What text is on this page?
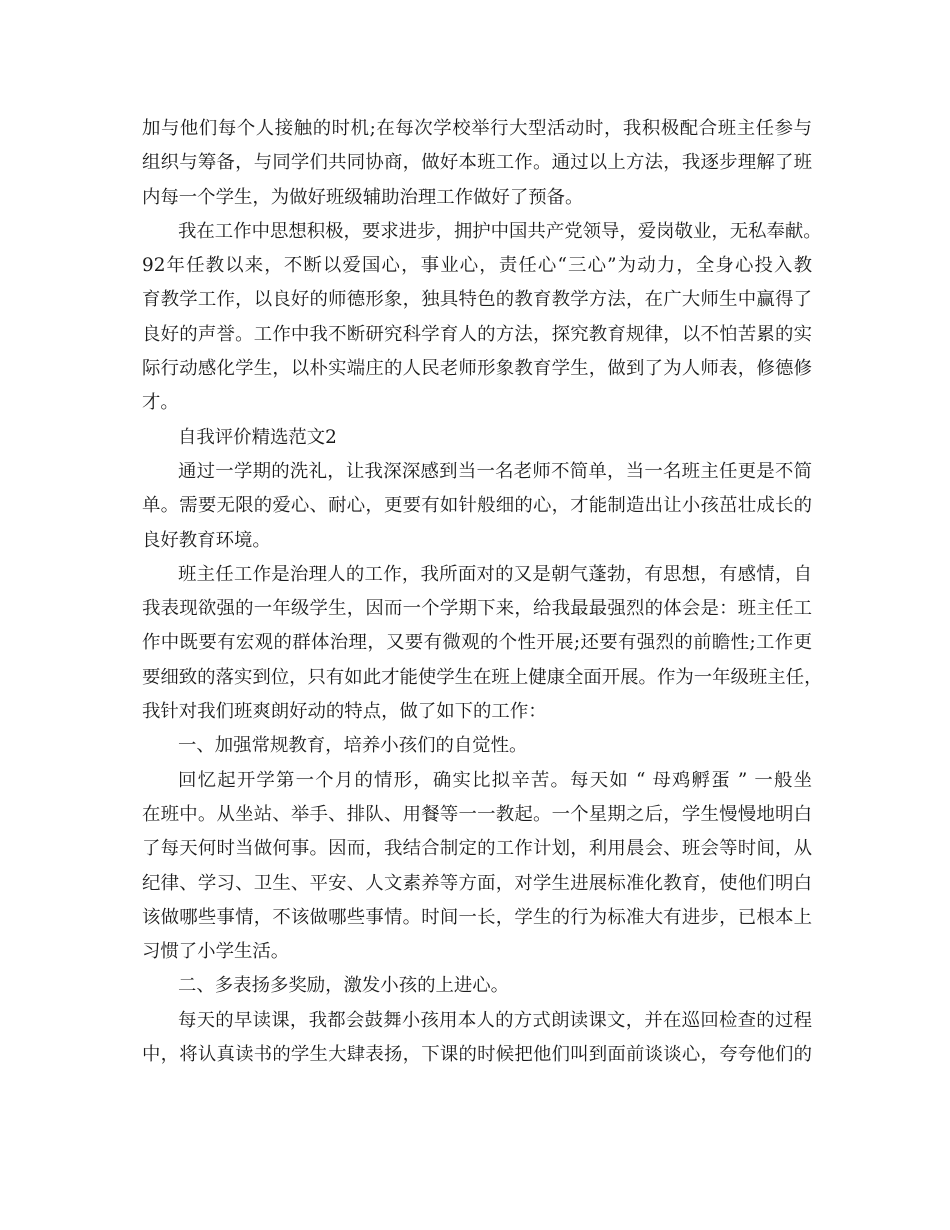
加与他们每个人接触的时机;在每次学校举行大型活动时，我积极配合班主任参与
组织与筹备，与同学们共同协商，做好本班工作。通过以上方法，我逐步理解了班
内每一个学生，为做好班级辅助治理工作做好了预备。
我在工作中思想积极，要求进步，拥护中国共产党领导，爱岗敬业，无私奉献。
92年任教以来，不断以爱国心，事业心，责任心“三心”为动力，全身心投入教
育教学工作，以良好的师德形象，独具特色的教育教学方法，在广大师生中赢得了
良好的声誉。工作中我不断研究科学育人的方法，探究教育规律，以不怕苦累的实
际行动感化学生，以朴实端庄的人民老师形象教育学生，做到了为人师表，修德修
才。
自我评价精选范文2
通过一学期的洗礼，让我深深感到当一名老师不简单，当一名班主任更是不简
单。需要无限的爱心、耐心，更要有如针般细的心，才能制造出让小孩茁壮成长的
良好教育环境。
班主任工作是治理人的工作，我所面对的又是朝气蓬勃，有思想，有感情，自
我表现欲强的一年级学生，因而一个学期下来，给我最最强烈的体会是：班主任工
作中既要有宏观的群体治理，又要有微观的个性开展;还要有强烈的前瞻性;工作更
要细致的落实到位，只有如此才能使学生在班上健康全面开展。作为一年级班主任，
我针对我们班爽朗好动的特点，做了如下的工作：
一、加强常规教育，培养小孩们的自觉性。
回忆起开学第一个月的情形，确实比拟辛苦。每天如 “ 母鸡孵蛋 ” 一般坐
在班中。从坐站、举手、排队、用餐等一一教起。一个星期之后，学生慢慢地明白
了每天何时当做何事。因而，我结合制定的工作计划，利用晨会、班会等时间，从
纪律、学习、卫生、平安、人文素养等方面，对学生进展标准化教育，使他们明白
该做哪些事情，不该做哪些事情。时间一长，学生的行为标准大有进步，已根本上
习惯了小学生活。
二、多表扬多奖励，激发小孩的上进心。
每天的早读课，我都会鼓舞小孩用本人的方式朗读课文，并在巡回检查的过程
中，将认真读书的学生大肆表扬，下课的时候把他们叫到面前谈谈心，夸夸他们的
